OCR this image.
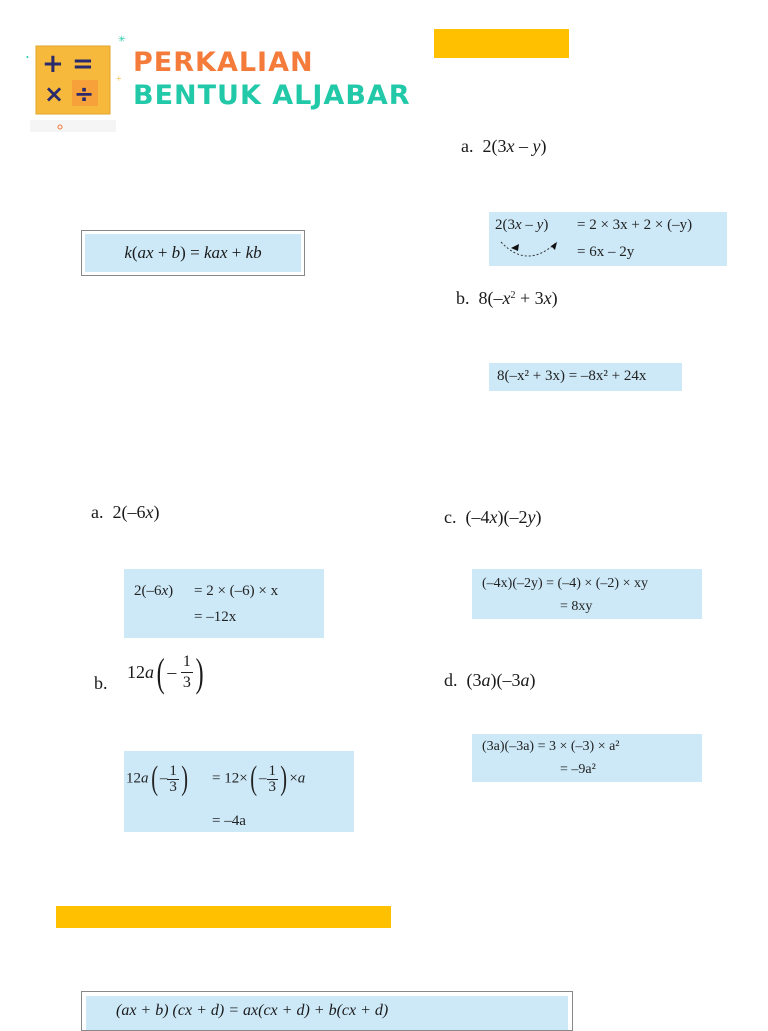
+ =
× ÷
+
✳
•	PERKALIAN
BENTUK ALJABAR
k(ax + b) = kax + kb
a. 2(3x – y)
2(3x – y) = 2 × 3x + 2 × (–y)
= 6x – 2y
b.  $8(-x^2 + 3x)$
8(–x² + 3x) = –8x² + 24x
a.  2(–6x)
2(–6x) = 2 × (–6) × x
= –12x
b.
$12a( - \frac{1}{3}$ )
$12a( - \frac{1}{3}$ ) = $12\times( - \frac{1}{3}$ ) ×a
= –4a
c.  (–4x)(–2y)
(–4x)(–2y) = (–4) × (–2) × xy
= 8xy
d.  (3a)(–3a)
(3a)(–3a) = 3 × (–3) × a²
= –9a²
(ax + b) (cx + d) = ax(cx + d) + b(cx + d)
